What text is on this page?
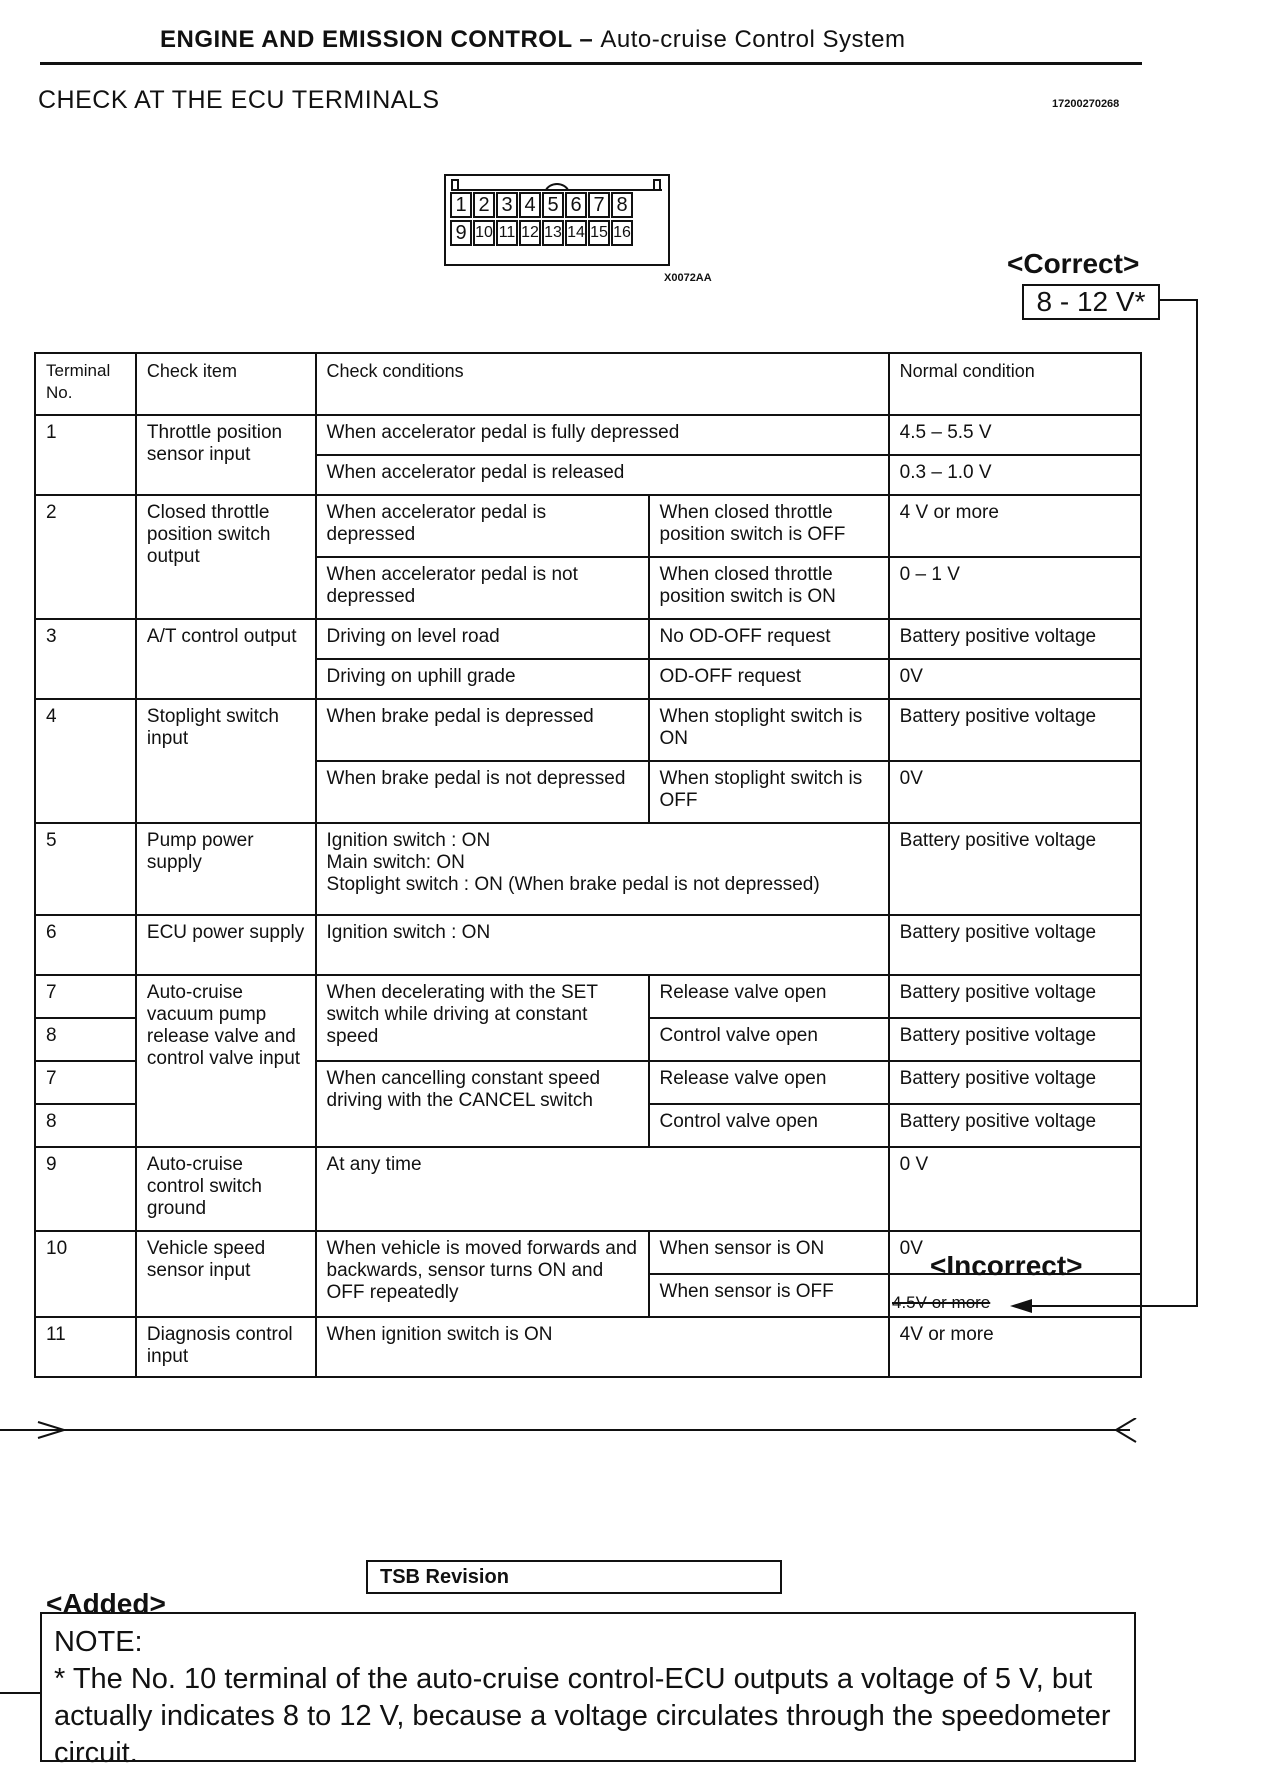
ENGINE AND EMISSION CONTROL – Auto-cruise Control System
CHECK AT THE ECU TERMINALS	17200270268
1 2 3 4 5 6 7 8
9 10 11 12 13 14 15 16
X0072AA	<Correct>
8 - 12 V*
Terminal No.	Check item	Check conditions		Normal condition
1	Throttle position sensor input	When accelerator pedal is fully depressed		4.5 – 5.5 V
		When accelerator pedal is released		0.3 – 1.0 V
2	Closed throttle position switch output	When accelerator pedal is depressed	When closed throttle position switch is OFF	4 V or more
		When accelerator pedal is not depressed	When closed throttle position switch is ON	0 – 1 V
3	A/T control output	Driving on level road	No OD-OFF request	Battery positive voltage
		Driving on uphill grade	OD-OFF request	0V
4	Stoplight switch input	When brake pedal is depressed	When stoplight switch is ON	Battery positive voltage
		When brake pedal is not depressed	When stoplight switch is OFF	0V
5	Pump power supply	Ignition switch : ON
Main switch: ON
Stoplight switch : ON (When brake pedal is not depressed)		Battery positive voltage
6	ECU power supply	Ignition switch : ON		Battery positive voltage
7	Auto-cruise vacuum pump release valve and control valve input	When decelerating with the SET switch while driving at constant speed	Release valve open	Battery positive voltage
8			Control valve open	Battery positive voltage
7		When cancelling constant speed driving with the CANCEL switch	Release valve open	Battery positive voltage
8			Control valve open	Battery positive voltage
9	Auto-cruise control switch ground	At any time		0 V
10	Vehicle speed sensor input	When vehicle is moved forwards and backwards, sensor turns ON and OFF repeatedly	When sensor is ON	0V
			When sensor is OFF	
11	Diagnosis control input	When ignition switch is ON		4V or more
<Incorrect>
4.5V or more
TSB Revision
<Added>
NOTE:
* The No. 10 terminal of the auto-cruise control-ECU outputs a voltage of 5 V, but actually indicates 8 to 12 V, because a voltage circulates through the speedometer circuit.
